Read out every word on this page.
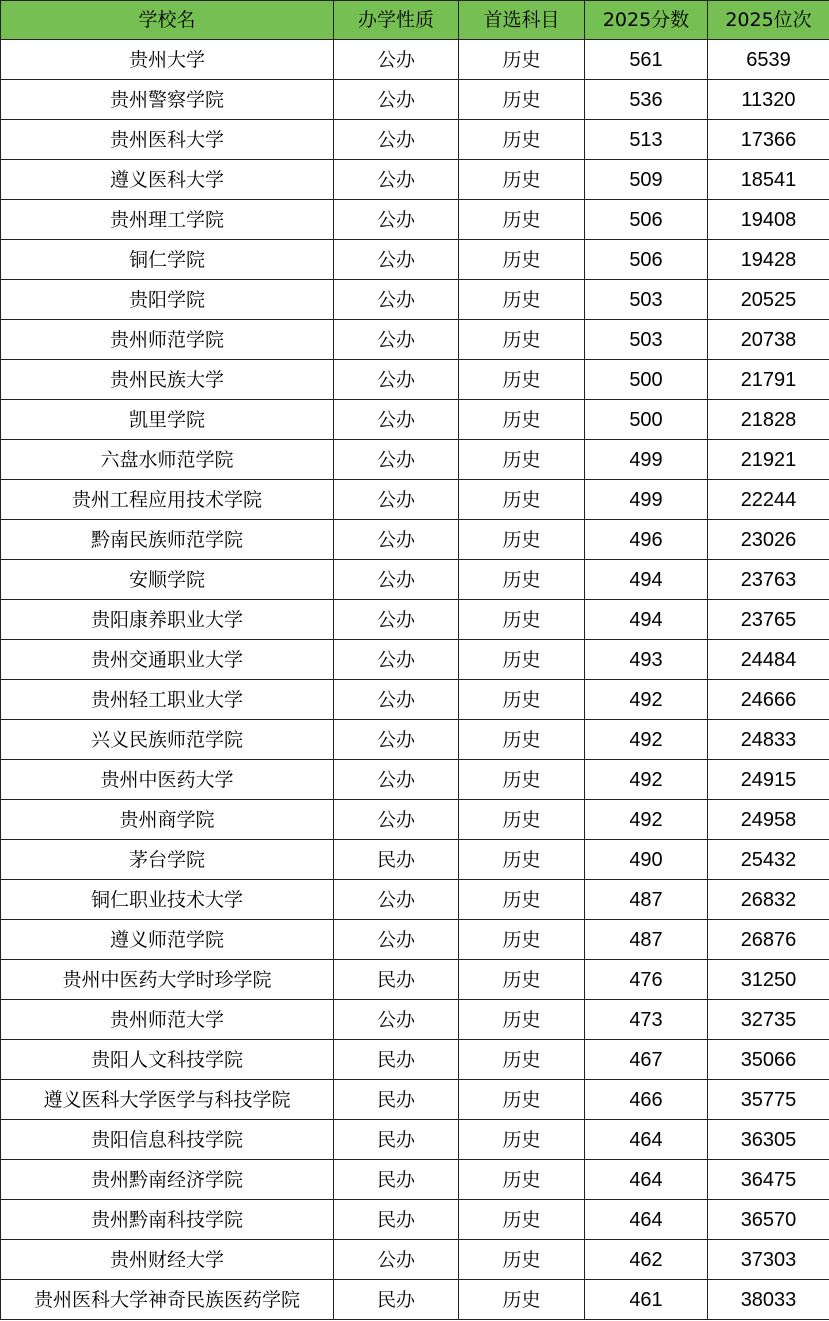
学校名	办学性质	首选科目	2025分数	2025位次
贵州大学	公办	历史	561	6539
贵州警察学院	公办	历史	536	11320
贵州医科大学	公办	历史	513	17366
遵义医科大学	公办	历史	509	18541
贵州理工学院	公办	历史	506	19408
铜仁学院	公办	历史	506	19428
贵阳学院	公办	历史	503	20525
贵州师范学院	公办	历史	503	20738
贵州民族大学	公办	历史	500	21791
凯里学院	公办	历史	500	21828
六盘水师范学院	公办	历史	499	21921
贵州工程应用技术学院	公办	历史	499	22244
黔南民族师范学院	公办	历史	496	23026
安顺学院	公办	历史	494	23763
贵阳康养职业大学	公办	历史	494	23765
贵州交通职业大学	公办	历史	493	24484
贵州轻工职业大学	公办	历史	492	24666
兴义民族师范学院	公办	历史	492	24833
贵州中医药大学	公办	历史	492	24915
贵州商学院	公办	历史	492	24958
茅台学院	民办	历史	490	25432
铜仁职业技术大学	公办	历史	487	26832
遵义师范学院	公办	历史	487	26876
贵州中医药大学时珍学院	民办	历史	476	31250
贵州师范大学	公办	历史	473	32735
贵阳人文科技学院	民办	历史	467	35066
遵义医科大学医学与科技学院	民办	历史	466	35775
贵阳信息科技学院	民办	历史	464	36305
贵州黔南经济学院	民办	历史	464	36475
贵州黔南科技学院	民办	历史	464	36570
贵州财经大学	公办	历史	462	37303
贵州医科大学神奇民族医药学院	民办	历史	461	38033
